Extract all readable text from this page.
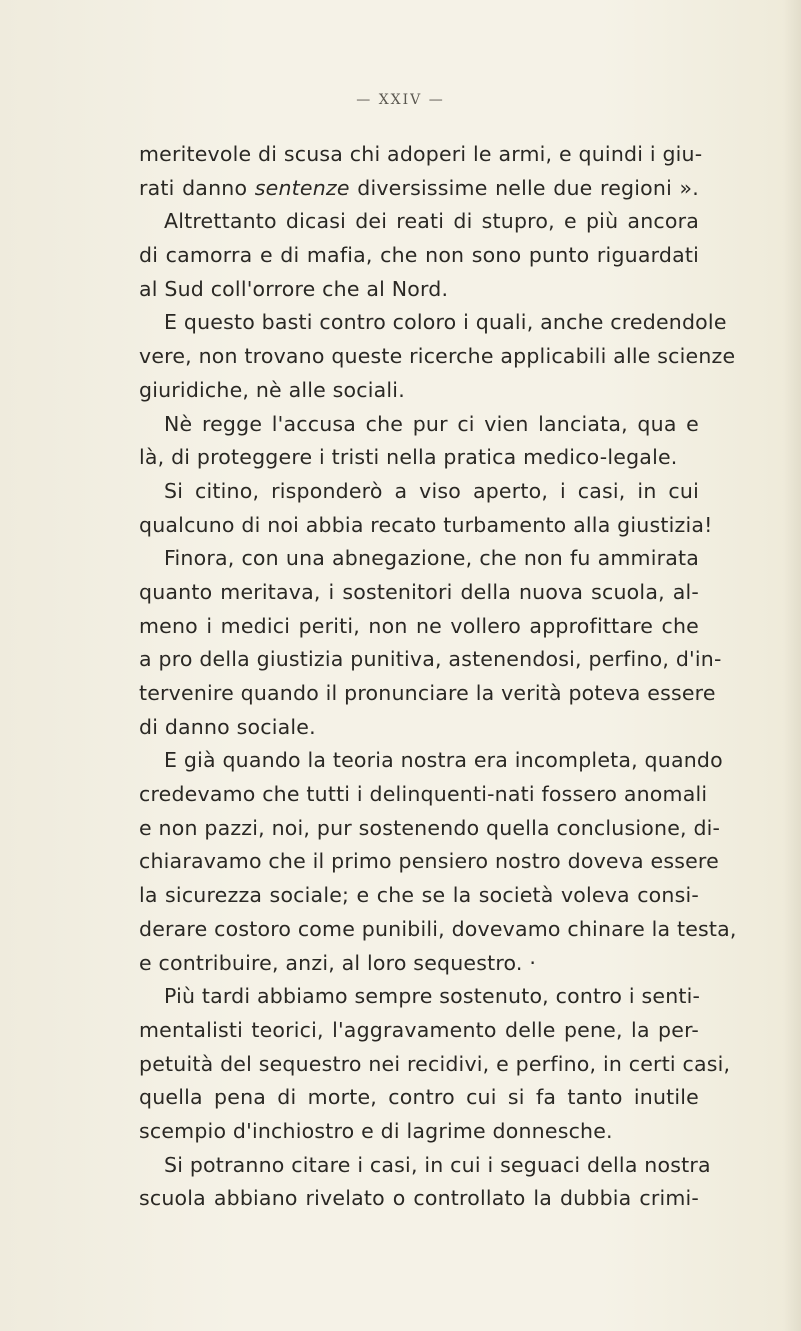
— XXIV —
meritevole di scusa chi adoperi le armi, e quindi i giu-
rati danno sentenze diversissime nelle due regioni ».
Altrettanto dicasi dei reati di stupro, e più ancora
di camorra e di mafia, che non sono punto riguardati
al Sud coll'orrore che al Nord.
E questo basti contro coloro i quali, anche credendole
vere, non trovano queste ricerche applicabili alle scienze
giuridiche, nè alle sociali.
Nè regge l'accusa che pur ci vien lanciata, qua e
là, di proteggere i tristi nella pratica medico-legale.
Si citino, risponderò a viso aperto, i casi, in cui
qualcuno di noi abbia recato turbamento alla giustizia!
Finora, con una abnegazione, che non fu ammirata
quanto meritava, i sostenitori della nuova scuola, al-
meno i medici periti, non ne vollero approfittare che
a pro della giustizia punitiva, astenendosi, perfino, d'in-
tervenire quando il pronunciare la verità poteva essere
di danno sociale.
E già quando la teoria nostra era incompleta, quando
credevamo che tutti i delinquenti-nati fossero anomali
e non pazzi, noi, pur sostenendo quella conclusione, di-
chiaravamo che il primo pensiero nostro doveva essere
la sicurezza sociale; e che se la società voleva consi-
derare costoro come punibili, dovevamo chinare la testa,
e contribuire, anzi, al loro sequestro. ·
Più tardi abbiamo sempre sostenuto, contro i senti-
mentalisti teorici, l'aggravamento delle pene, la per-
petuità del sequestro nei recidivi, e perfino, in certi casi,
quella pena di morte, contro cui si fa tanto inutile
scempio d'inchiostro e di lagrime donnesche.
Si potranno citare i casi, in cui i seguaci della nostra
scuola abbiano rivelato o controllato la dubbia crimi-
